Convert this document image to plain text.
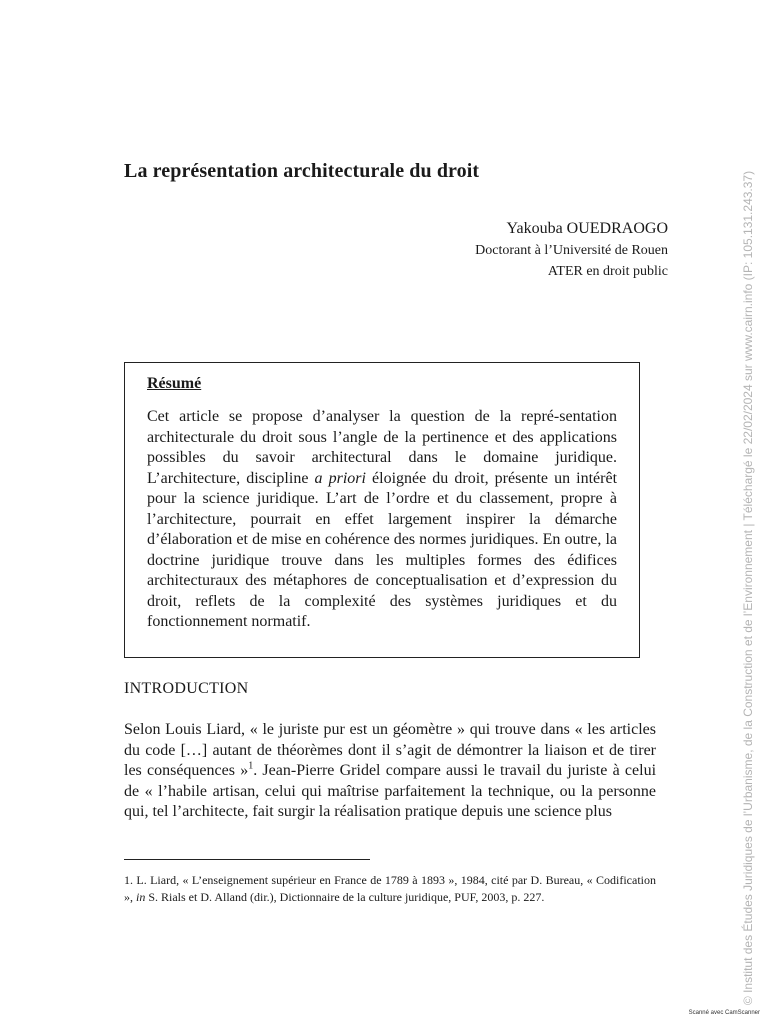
La représentation architecturale du droit
Yakouba OUEDRAOGO
Doctorant à l’Université de Rouen
ATER en droit public
Résumé

Cet article se propose d’analyser la question de la repré-sentation architecturale du droit sous l’angle de la pertinence et des applications possibles du savoir architectural dans le domaine juridique. L’architecture, discipline a priori éloignée du droit, présente un intérêt pour la science juridique. L’art de l’ordre et du classement, propre à l’architecture, pourrait en effet largement inspirer la démarche d’élaboration et de mise en cohérence des normes juridiques. En outre, la doctrine juridique trouve dans les multiples formes des édifices architecturaux des métaphores de conceptualisation et d’expression du droit, reflets de la complexité des systèmes juridiques et du fonctionnement normatif.

INTRODUCTION

Selon Louis Liard, « le juriste pur est un géomètre » qui trouve dans « les articles du code […] autant de théorèmes dont il s’agit de démontrer la liaison et de tirer les conséquences »$^1$. Jean-Pierre Gridel compare aussi le travail du juriste à celui de « l’habile artisan, celui qui maîtrise parfaitement la technique, ou la personne qui, tel l’architecte, fait surgir la réalisation pratique depuis une science plus

1. L. Liard, « L’enseignement supérieur en France de 1789 à 1893 », 1984, cité par D. Bureau, « Codification », in S. Rials et D. Alland (dir.), Dictionnaire de la culture juridique, PUF, 2003, p. 227.	© Institut des Études Juridiques de l’Urbanisme, de la Construction et de l’Environnement | Téléchargé le 22/02/2024 sur www.cairn.info (IP: 105.131.243.37)
Scanné avec CamScanner
